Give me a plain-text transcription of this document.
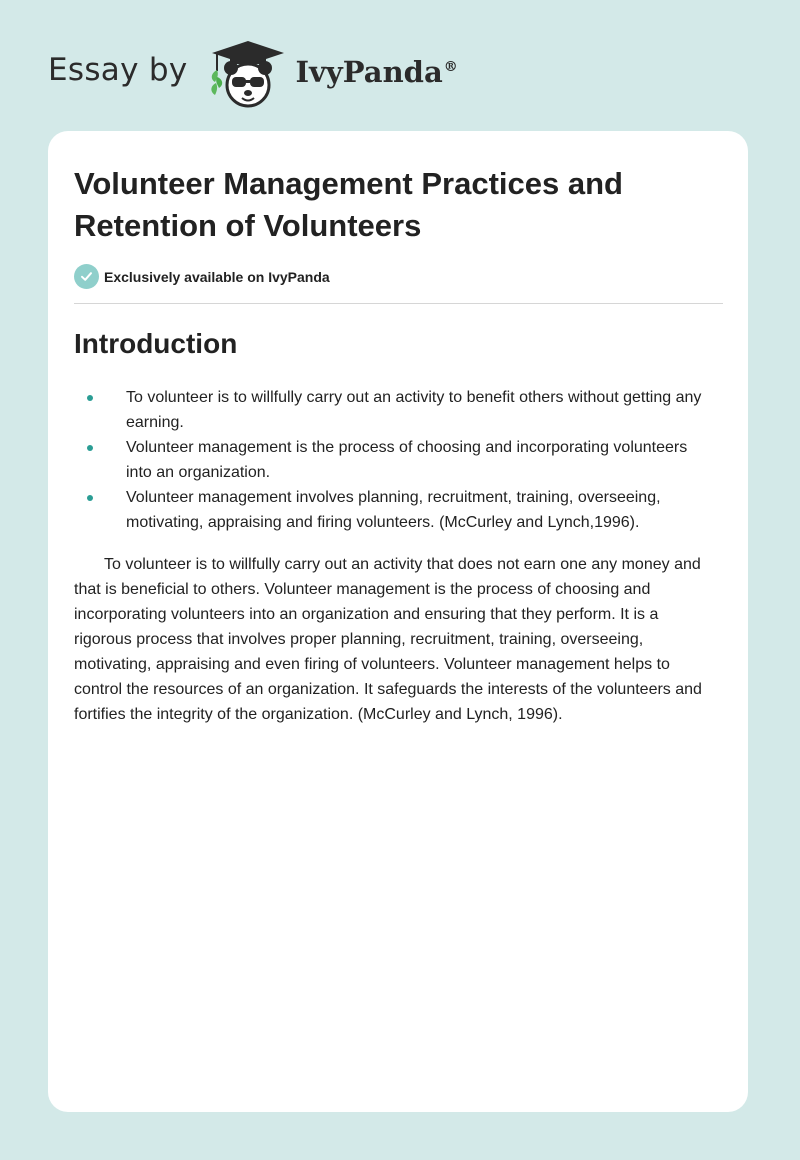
Essay by	IvyPanda®
Volunteer Management Practices and Retention of Volunteers
Exclusively available on IvyPanda
Introduction
To volunteer is to willfully carry out an activity to benefit others without getting any earning.
Volunteer management is the process of choosing and incorporating volunteers into an organization.
Volunteer management involves planning, recruitment, training, overseeing, motivating, appraising and firing volunteers. (McCurley and Lynch,1996).

To volunteer is to willfully carry out an activity that does not earn one any money and that is beneficial to others. Volunteer management is the process of choosing and incorporating volunteers into an organization and ensuring that they perform. It is a rigorous process that involves proper planning, recruitment, training, overseeing, motivating, appraising and even firing of volunteers. Volunteer management helps to control the resources of an organization. It safeguards the interests of the volunteers and fortifies the integrity of the organization. (McCurley and Lynch, 1996).
